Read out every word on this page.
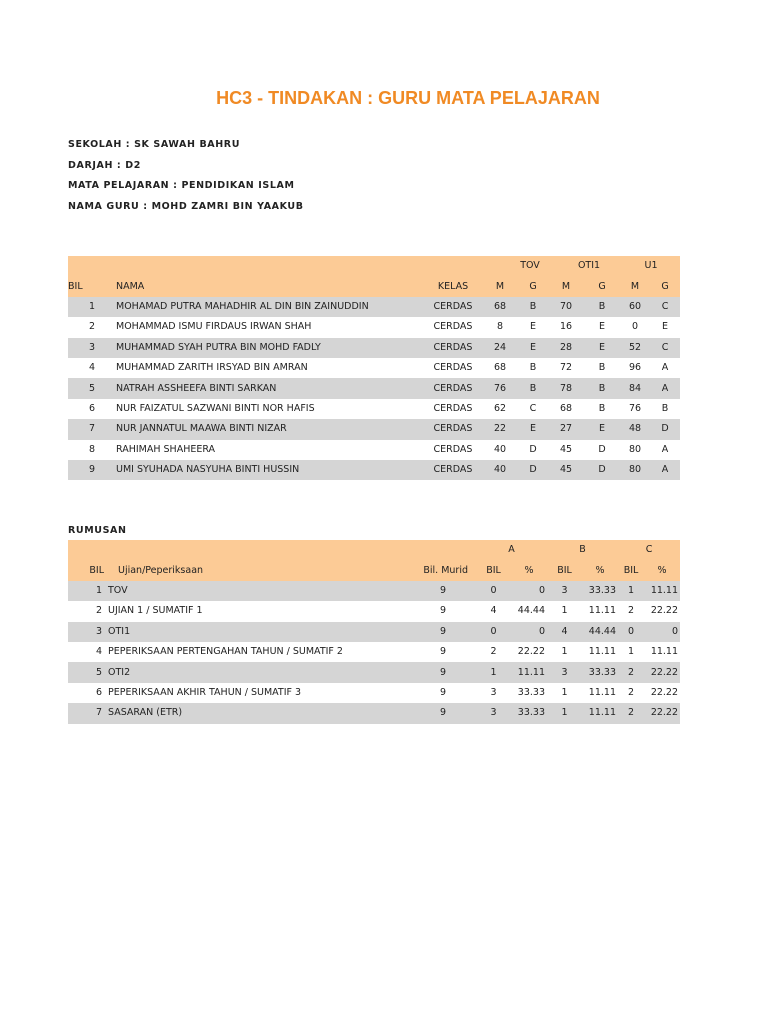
HC3 - TINDAKAN : GURU MATA PELAJARAN
SEKOLAH : SK SAWAH BAHRU
DARJAH : D2
MATA PELAJARAN : PENDIDIKAN ISLAM
NAMA GURU : MOHD ZAMRI BIN YAAKUB
			TOV		OTI1		U1	
BIL	NAMA	KELAS	M	G	M	G	M	G
1	MOHAMAD PUTRA MAHADHIR AL DIN BIN ZAINUDDIN	CERDAS	68	B	70	B	60	C
2	MOHAMMAD ISMU FIRDAUS IRWAN SHAH	CERDAS	8	E	16	E	0	E
3	MUHAMMAD SYAH PUTRA BIN MOHD FADLY	CERDAS	24	E	28	E	52	C
4	MUHAMMAD ZARITH IRSYAD BIN AMRAN	CERDAS	68	B	72	B	96	A
5	NATRAH ASSHEEFA BINTI SARKAN	CERDAS	76	B	78	B	84	A
6	NUR FAIZATUL SAZWANI BINTI NOR HAFIS	CERDAS	62	C	68	B	76	B
7	NUR JANNATUL MAAWA BINTI NIZAR	CERDAS	22	E	27	E	48	D
8	RAHIMAH SHAHEERA	CERDAS	40	D	45	D	80	A
9	UMI SYUHADA NASYUHA BINTI HUSSIN	CERDAS	40	D	45	D	80	A
RUMUSAN
			A		B		C	
BIL	Ujian/Peperiksaan	Bil. Murid	BIL	%	BIL	%	BIL	%
1	TOV	9	0	0	3	33.33	1	11.11
2	UJIAN 1 / SUMATIF 1	9	4	44.44	1	11.11	2	22.22
3	OTI1	9	0	0	4	44.44	0	0
4	PEPERIKSAAN PERTENGAHAN TAHUN / SUMATIF 2	9	2	22.22	1	11.11	1	11.11
5	OTI2	9	1	11.11	3	33.33	2	22.22
6	PEPERIKSAAN AKHIR TAHUN / SUMATIF 3	9	3	33.33	1	11.11	2	22.22
7	SASARAN (ETR)	9	3	33.33	1	11.11	2	22.22
